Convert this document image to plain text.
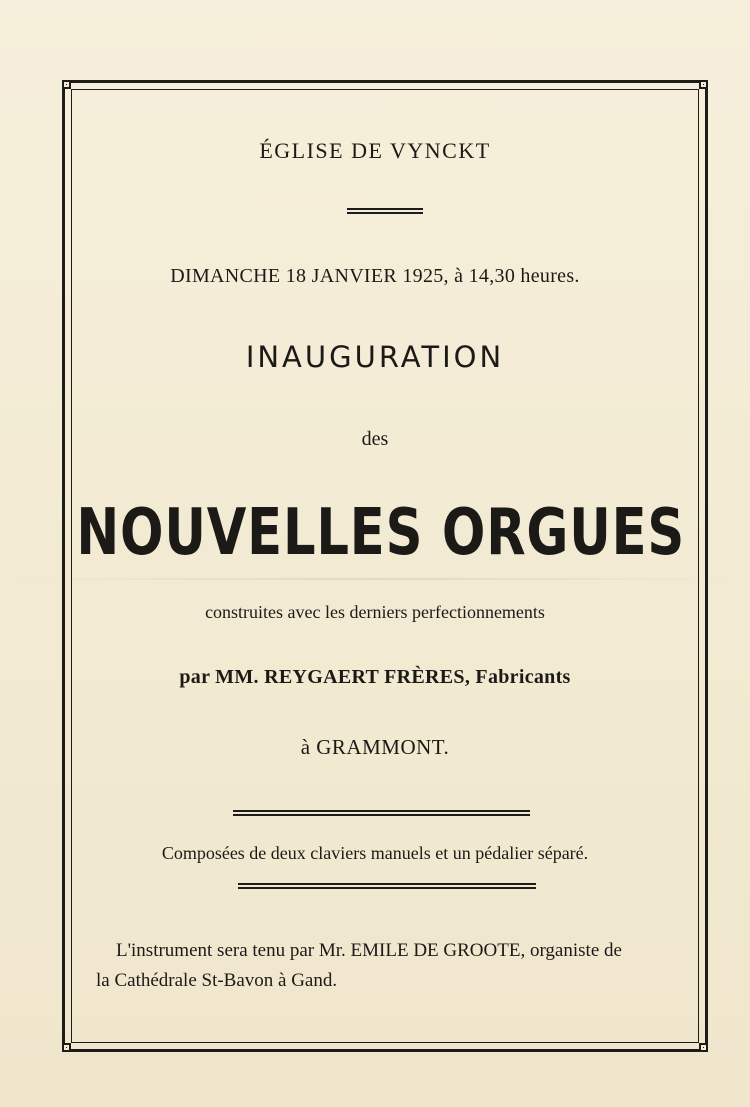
ÉGLISE DE VYNCKT
DIMANCHE 18 JANVIER 1925, à 14,30 heures.
INAUGURATION
des
NOUVELLES ORGUES
construites avec les derniers perfectionnements
par MM. REYGAERT FRÈRES, Fabricants
à GRAMMONT.
Composées de deux claviers manuels et un pédalier séparé.
L'instrument sera tenu par Mr. EMILE DE GROOTE, organiste de
la Cathédrale St-Bavon à Gand.
